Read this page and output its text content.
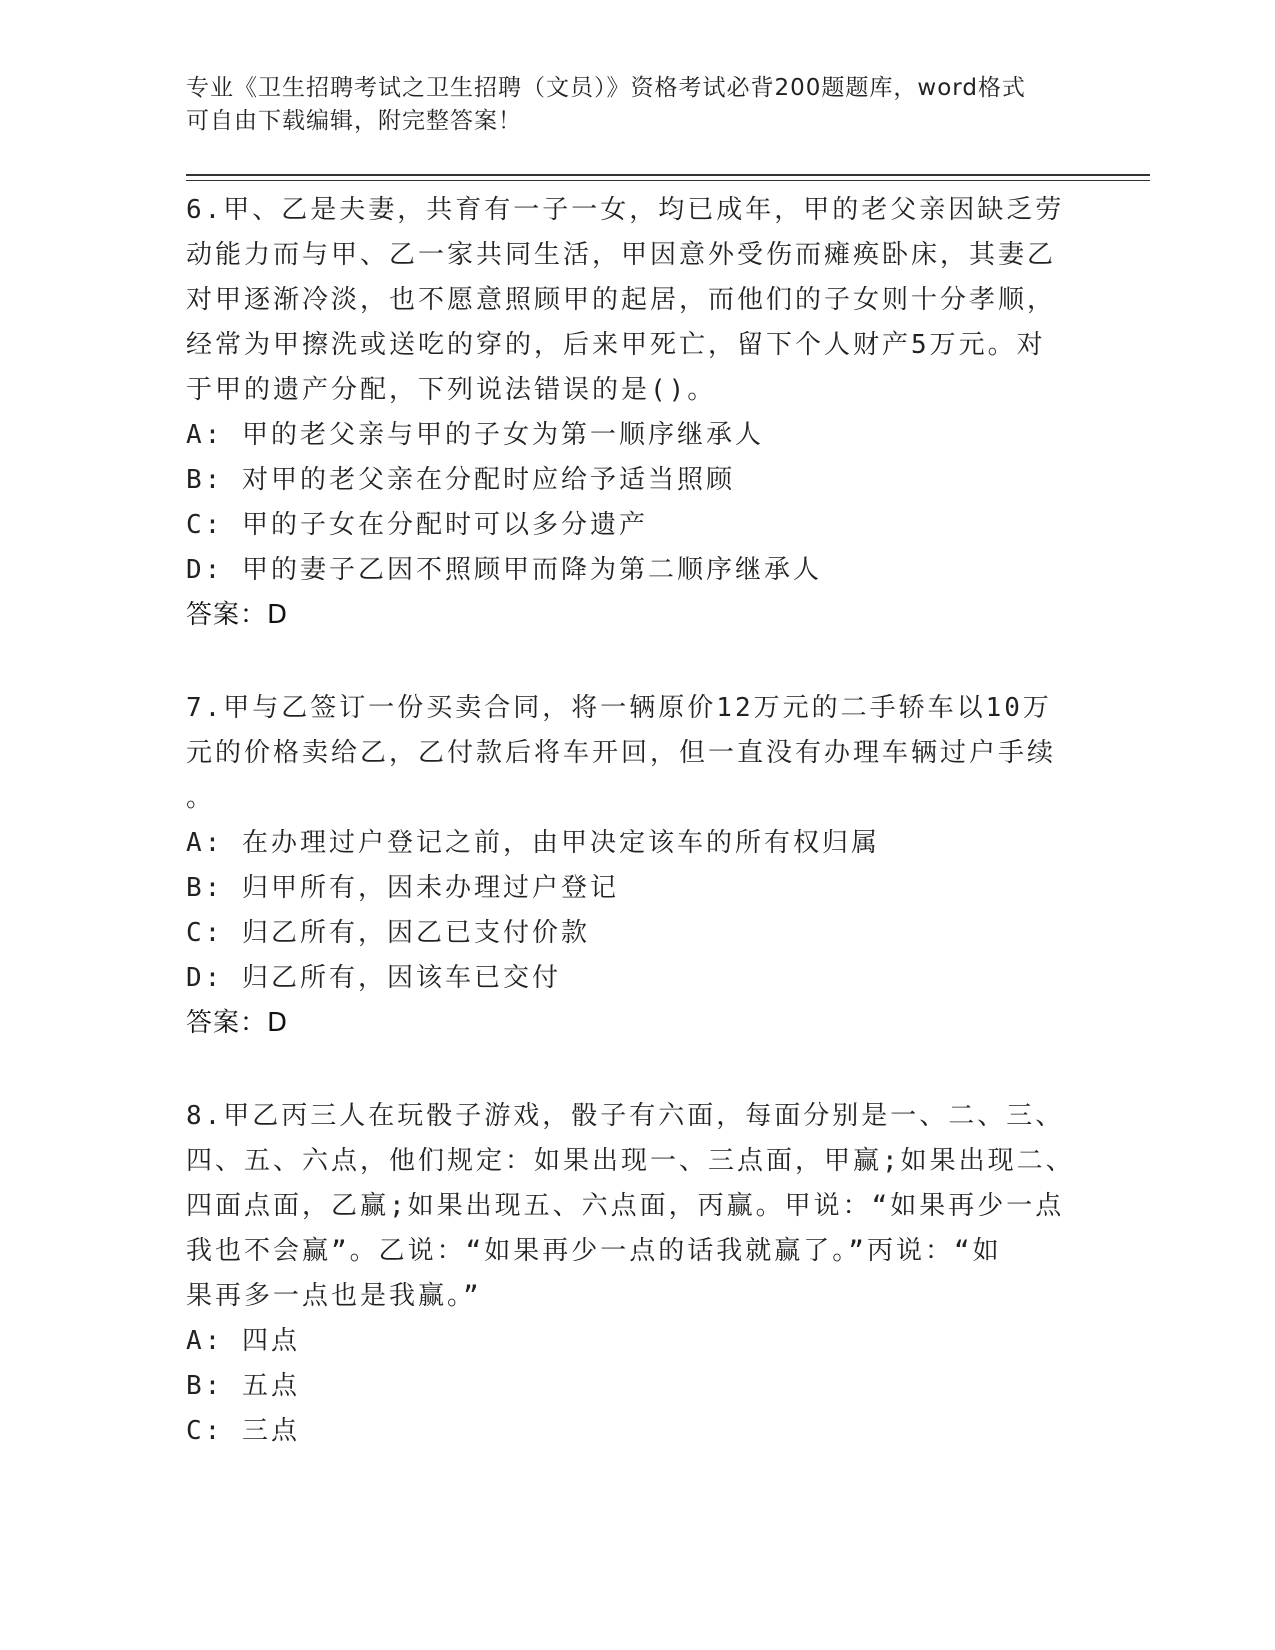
专业《卫生招聘考试之卫生招聘（文员）》资格考试必背200题题库，word格式
可自由下载编辑，附完整答案！
6.甲、乙是夫妻，共育有一子一女，均已成年，甲的老父亲因缺乏劳
动能力而与甲、乙一家共同生活，甲因意外受伤而瘫痪卧床，其妻乙
对甲逐渐冷淡，也不愿意照顾甲的起居，而他们的子女则十分孝顺，
经常为甲擦洗或送吃的穿的，后来甲死亡，留下个人财产5万元。对
于甲的遗产分配，下列说法错误的是()。
A: 甲的老父亲与甲的子女为第一顺序继承人
B: 对甲的老父亲在分配时应给予适当照顾
C: 甲的子女在分配时可以多分遗产
D: 甲的妻子乙因不照顾甲而降为第二顺序继承人
答案：D
7.甲与乙签订一份买卖合同，将一辆原价12万元的二手轿车以10万
元的价格卖给乙，乙付款后将车开回，但一直没有办理车辆过户手续
。
A: 在办理过户登记之前，由甲决定该车的所有权归属
B: 归甲所有，因未办理过户登记
C: 归乙所有，因乙已支付价款
D: 归乙所有，因该车已交付
答案：D
8.甲乙丙三人在玩骰子游戏，骰子有六面，每面分别是一、二、三、
四、五、六点，他们规定：如果出现一、三点面，甲赢;如果出现二、
四面点面，乙赢;如果出现五、六点面，丙赢。甲说：“如果再少一点
我也不会赢”。乙说：“如果再少一点的话我就赢了。”丙说：“如
果再多一点也是我赢。”
A: 四点
B: 五点
C: 三点
